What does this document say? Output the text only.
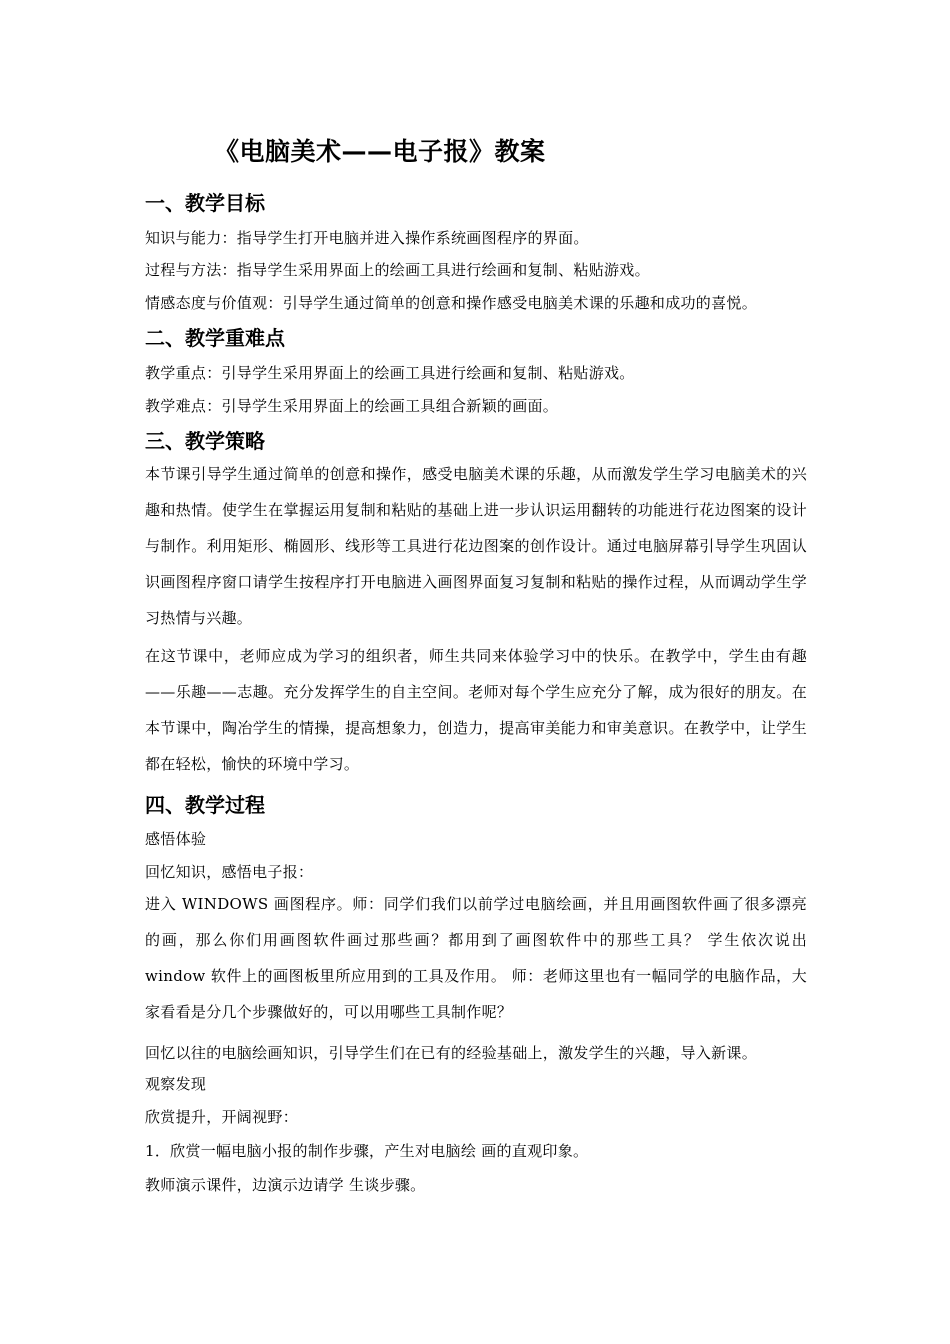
《电脑美术——电子报》教案
一、教学目标
知识与能力：指导学生打开电脑并进入操作系统画图程序的界面。
过程与方法：指导学生采用界面上的绘画工具进行绘画和复制、粘贴游戏。
情感态度与价值观：引导学生通过简单的创意和操作感受电脑美术课的乐趣和成功的喜悦。
二、教学重难点
教学重点：引导学生采用界面上的绘画工具进行绘画和复制、粘贴游戏。
教学难点：引导学生采用界面上的绘画工具组合新颖的画面。
三、教学策略
本节课引导学生通过简单的创意和操作，感受电脑美术课的乐趣，从而激发学生学习电脑美术的兴趣和热情。使学生在掌握运用复制和粘贴的基础上进一步认识运用翻转的功能进行花边图案的设计与制作。利用矩形、椭圆形、线形等工具进行花边图案的创作设计。通过电脑屏幕引导学生巩固认识画图程序窗口请学生按程序打开电脑进入画图界面复习复制和粘贴的操作过程，从而调动学生学习热情与兴趣。
在这节课中，老师应成为学习的组织者，师生共同来体验学习中的快乐。在教学中，学生由有趣——乐趣——志趣。充分发挥学生的自主空间。老师对每个学生应充分了解，成为很好的朋友。在本节课中，陶冶学生的情操，提高想象力，创造力，提高审美能力和审美意识。在教学中，让学生都在轻松，愉快的环境中学习。
四、教学过程
感悟体验
回忆知识，感悟电子报：
进入 WINDOWS 画图程序。师：同学们我们以前学过电脑绘画，并且用画图软件画了很多漂亮的画，那么你们用画图软件画过那些画？都用到了画图软件中的那些工具？ 学生依次说出 window 软件上的画图板里所应用到的工具及作用。 师：老师这里也有一幅同学的电脑作品，大家看看是分几个步骤做好的，可以用哪些工具制作呢？
回忆以往的电脑绘画知识，引导学生们在已有的经验基础上，激发学生的兴趣，导入新课。
观察发现
欣赏提升，开阔视野：
1．欣赏一幅电脑小报的制作步骤，产生对电脑绘 画的直观印象。
教师演示课件，边演示边请学 生谈步骤。
